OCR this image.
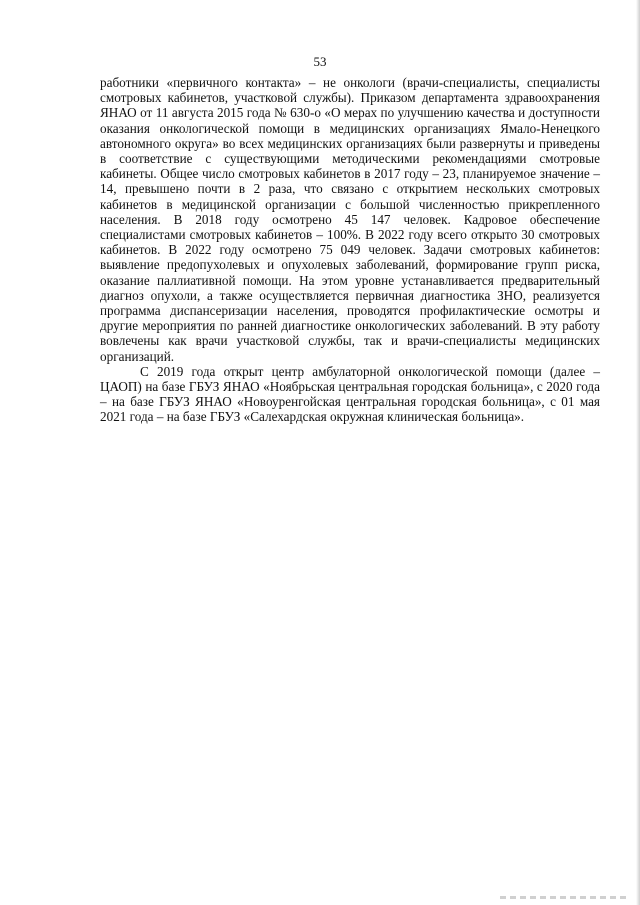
53

работники «первичного контакта» – не онкологи (врачи-специалисты, специалисты смотровых кабинетов, участковой службы). Приказом департамента здравоохранения ЯНАО от 11 августа 2015 года № 630-о «О мерах по улучшению качества и доступности оказания онкологической помощи в медицинских организациях Ямало-Ненецкого автономного округа» во всех медицинских организациях были развернуты и приведены в соответствие с существующими методическими рекомендациями смотровые кабинеты. Общее число смотровых кабинетов в 2017 году – 23, планируемое значение – 14, превышено почти в 2 раза, что связано с открытием нескольких смотровых кабинетов в медицинской организации с большой численностью прикрепленного населения. В 2018 году осмотрено 45 147 человек. Кадровое обеспечение специалистами смотровых кабинетов – 100%. В 2022 году всего открыто 30 смотровых кабинетов. В 2022 году осмотрено 75 049 человек. Задачи смотровых кабинетов: выявление предопухолевых и опухолевых заболеваний, формирование групп риска, оказание паллиативной помощи. На этом уровне устанавливается предварительный диагноз опухоли, а также осуществляется первичная диагностика ЗНО, реализуется программа диспансеризации населения, проводятся профилактические осмотры и другие мероприятия по ранней диагностике онкологических заболеваний. В эту работу вовлечены как врачи участковой службы, так и врачи-специалисты медицинских организаций.

С 2019 года открыт центр амбулаторной онкологической помощи (далее – ЦАОП) на базе ГБУЗ ЯНАО «Ноябрьская центральная городская больница», с 2020 года – на базе ГБУЗ ЯНАО «Новоуренгойская центральная городская больница», с 01 мая 2021 года – на базе ГБУЗ «Салехардская окружная клиническая больница».
